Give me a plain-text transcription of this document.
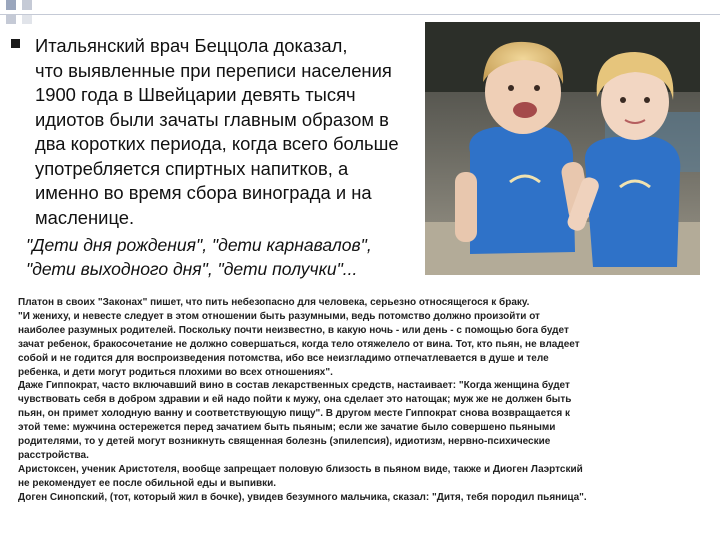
Итальянский врач Беццола доказал,
что выявленные при переписи населения
1900 года в Швейцарии девять тысяч
идиотов были зачаты главным образом в
два коротких периода, когда всего больше
употребляется спиртных напитков, а
именно во время сбора винограда и на
масленице.

"Дети дня рождения", "дети карнавалов",
"дети выходного дня", "дети получки"...

Платон в своих "Законах" пишет, что пить небезопасно для человека, серьезно относящегося к браку.
"И жениху, и невесте следует в этом отношении быть разумными, ведь потомство должно произойти от
наиболее разумных родителей. Поскольку почти неизвестно, в какую ночь - или день - с помощью бога будет
зачат ребенок, бракосочетание не должно совершаться, когда тело отяжелело от вина. Тот, кто пьян, не владеет
собой и не годится для воспроизведения потомства, ибо все неизгладимо отпечатлевается в душе и теле
ребенка, и дети могут родиться плохими во всех отношениях".
Даже Гиппократ, часто включавший вино в состав лекарственных средств, настаивает: "Когда женщина будет
чувствовать себя в добром здравии и ей надо пойти к мужу, она сделает это натощак; муж же не должен быть
пьян, он примет холодную ванну и соответствующую пищу". В другом месте Гиппократ снова возвращается к
этой теме: мужчина остережется перед зачатием быть пьяным; если же зачатие было совершено пьяными
родителями, то у детей могут возникнуть священная болезнь (эпилепсия), идиотизм, нервно-психические
расстройства.
Аристоксен, ученик Аристотеля, вообще запрещает половую близость в пьяном виде, также и Диоген Лаэртский
не рекомендует ее после обильной еды и выпивки.
Доген Синопский, (тот, который жил в бочке), увидев безумного мальчика, сказал: "Дитя, тебя породил пьяница".
